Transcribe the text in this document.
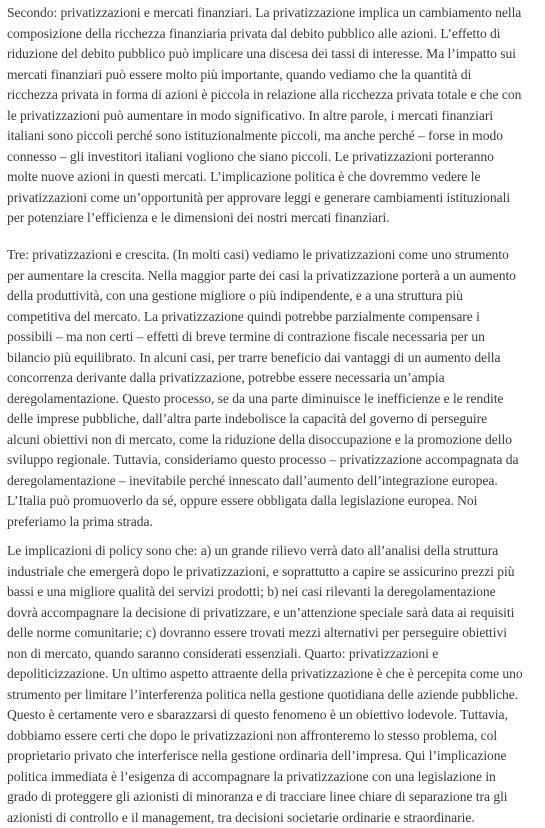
Secondo: privatizzazioni e mercati finanziari. La privatizzazione implica un cambiamento nella
composizione della ricchezza finanziaria privata dal debito pubblico alle azioni. L’effetto di
riduzione del debito pubblico può implicare una discesa dei tassi di interesse. Ma l’impatto sui
mercati finanziari può essere molto più importante, quando vediamo che la quantità di
ricchezza privata in forma di azioni è piccola in relazione alla ricchezza privata totale e che con
le privatizzazioni può aumentare in modo significativo. In altre parole, i mercati finanziari
italiani sono piccoli perché sono istituzionalmente piccoli, ma anche perché – forse in modo
connesso – gli investitori italiani vogliono che siano piccoli. Le privatizzazioni porteranno
molte nuove azioni in questi mercati. L’implicazione politica è che dovremmo vedere le
privatizzazioni come un’opportunità per approvare leggi e generare cambiamenti istituzionali
per potenziare l’efficienza e le dimensioni dei nostri mercati finanziari.

Tre: privatizzazioni e crescita. (In molti casi) vediamo le privatizzazioni come uno strumento
per aumentare la crescita. Nella maggior parte dei casi la privatizzazione porterà a un aumento
della produttività, con una gestione migliore o più indipendente, e a una struttura più
competitiva del mercato. La privatizzazione quindi potrebbe parzialmente compensare i
possibili – ma non certi – effetti di breve termine di contrazione fiscale necessaria per un
bilancio più equilibrato. In alcuni casi, per trarre beneficio dai vantaggi di un aumento della
concorrenza derivante dalla privatizzazione, potrebbe essere necessaria un’ampia
deregolamentazione. Questo processo, se da una parte diminuisce le inefficienze e le rendite
delle imprese pubbliche, dall’altra parte indebolisce la capacità del governo di perseguire
alcuni obiettivi non di mercato, come la riduzione della disoccupazione e la promozione dello
sviluppo regionale. Tuttavia, consideriamo questo processo – privatizzazione accompagnata da
deregolamentazione – inevitabile perché innescato dall’aumento dell’integrazione europea.
L’Italia può promuoverlo da sé, oppure essere obbligata dalla legislazione europea. Noi
preferiamo la prima strada.

Le implicazioni di policy sono che: a) un grande rilievo verrà dato all’analisi della struttura
industriale che emergerà dopo le privatizzazioni, e soprattutto a capire se assicurino prezzi più
bassi e una migliore qualità dei servizi prodotti; b) nei casi rilevanti la deregolamentazione
dovrà accompagnare la decisione di privatizzare, e un’attenzione speciale sarà data ai requisiti
delle norme comunitarie; c) dovranno essere trovati mezzi alternativi per perseguire obiettivi
non di mercato, quando saranno considerati essenziali. Quarto: privatizzazioni e
depoliticizzazione. Un ultimo aspetto attraente della privatizzazione è che è percepita come uno
strumento per limitare l’interferenza politica nella gestione quotidiana delle aziende pubbliche.
Questo è certamente vero e sbarazzarsi di questo fenomeno è un obiettivo lodevole. Tuttavia,
dobbiamo essere certi che dopo le privatizzazioni non affronteremo lo stesso problema, col
proprietario privato che interferisce nella gestione ordinaria dell’impresa. Qui l’implicazione
politica immediata è l’esigenza di accompagnare la privatizzazione con una legislazione in
grado di proteggere gli azionisti di minoranza e di tracciare linee chiare di separazione tra gli
azionisti di controllo e il management, tra decisioni societarie ordinarie e straordinarie.
